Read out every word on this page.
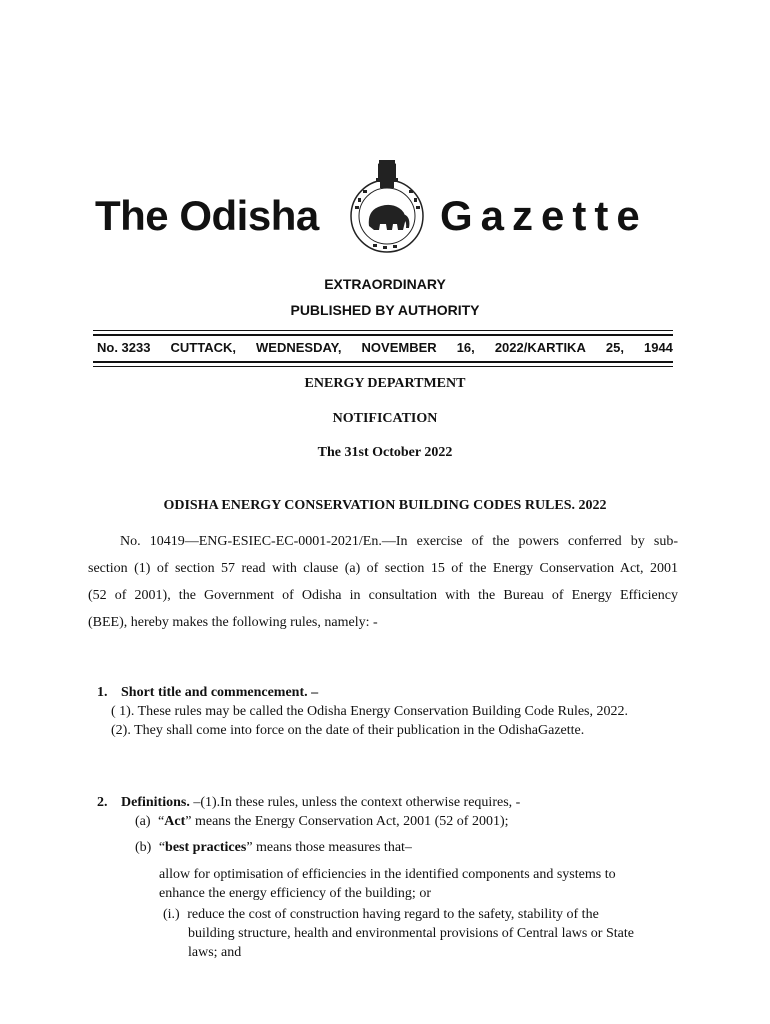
The Odisha	Gazette
EXTRAORDINARY
PUBLISHED BY AUTHORITY
No. 3233 CUTTACK, WEDNESDAY, NOVEMBER 16, 2022/KARTIKA 25, 1944
ENERGY DEPARTMENT
NOTIFICATION
The 31st October 2022
ODISHA ENERGY CONSERVATION BUILDING CODES RULES. 2022
No. 10419—ENG-ESIEC-EC-0001-2021/En.—In exercise of the powers conferred by sub-
section (1) of section 57 read with clause (a) of section 15 of the Energy Conservation Act, 2001
(52 of 2001), the Government of Odisha in consultation with the Bureau of Energy Efficiency
(BEE), hereby makes the following rules, namely: -
1. Short title and commencement. –
( 1). These rules may be called the Odisha Energy Conservation Building Code Rules, 2022.
(2). They shall come into force on the date of their publication in the OdishaGazette.
2. Definitions. –(1).In these rules, unless the context otherwise requires, -
(a) “Act” means the Energy Conservation Act, 2001 (52 of 2001);
(b) “best practices” means those measures that–
allow for optimisation of efficiencies in the identified components and systems to
enhance the energy efficiency of the building; or
(i.) reduce the cost of construction having regard to the safety, stability of the
building structure, health and environmental provisions of Central laws or State
laws; and
